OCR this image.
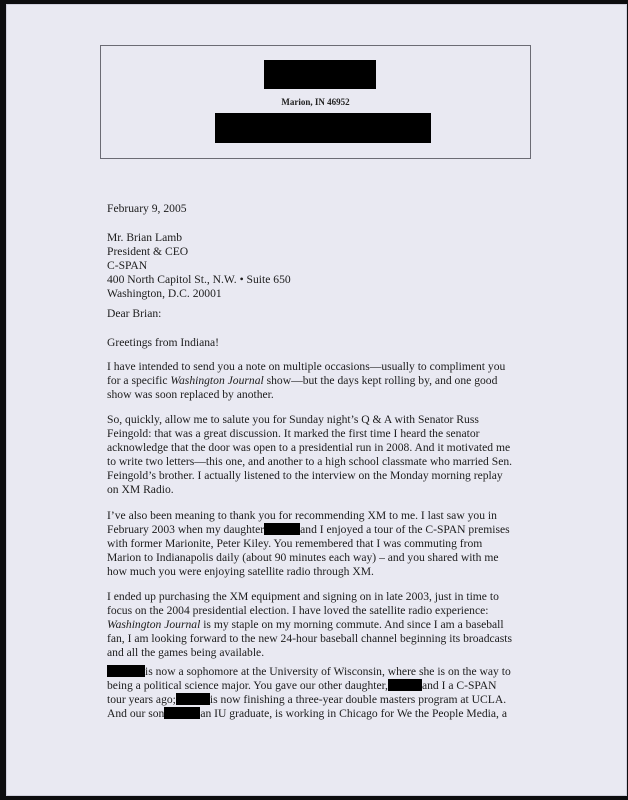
Marion, IN 46952
February 9, 2005
Mr. Brian Lamb
President & CEO
C-SPAN
400 North Capitol St., N.W. • Suite 650
Washington, D.C. 20001
Dear Brian:
Greetings from Indiana!
I have intended to send you a note on multiple occasions—usually to compliment you
for a specific Washington Journal show—but the days kept rolling by, and one good
show was soon replaced by another.
So, quickly, allow me to salute you for Sunday night’s Q & A with Senator Russ
Feingold: that was a great discussion. It marked the first time I heard the senator
acknowledge that the door was open to a presidential run in 2008. And it motivated me
to write two letters—this one, and another to a high school classmate who married Sen.
Feingold’s brother. I actually listened to the interview on the Monday morning replay
on XM Radio.
I’ve also been meaning to thank you for recommending XM to me. I last saw you in
February 2003 when my daughter	and I enjoyed a tour of the C-SPAN premises
with former Marionite, Peter Kiley. You remembered that I was commuting from
Marion to Indianapolis daily (about 90 minutes each way) – and you shared with me
how much you were enjoying satellite radio through XM.
I ended up purchasing the XM equipment and signing on in late 2003, just in time to
focus on the 2004 presidential election. I have loved the satellite radio experience:
Washington Journal is my staple on my morning commute. And since I am a baseball
fan, I am looking forward to the new 24-hour baseball channel beginning its broadcasts
and all the games being available.
is now a sophomore at the University of Wisconsin, where she is on the way to
being a political science major. You gave our other daughter,	and I a C-SPAN
tour years ago;	is now finishing a three-year double masters program at UCLA.
And our son	an IU graduate, is working in Chicago for We the People Media, a
